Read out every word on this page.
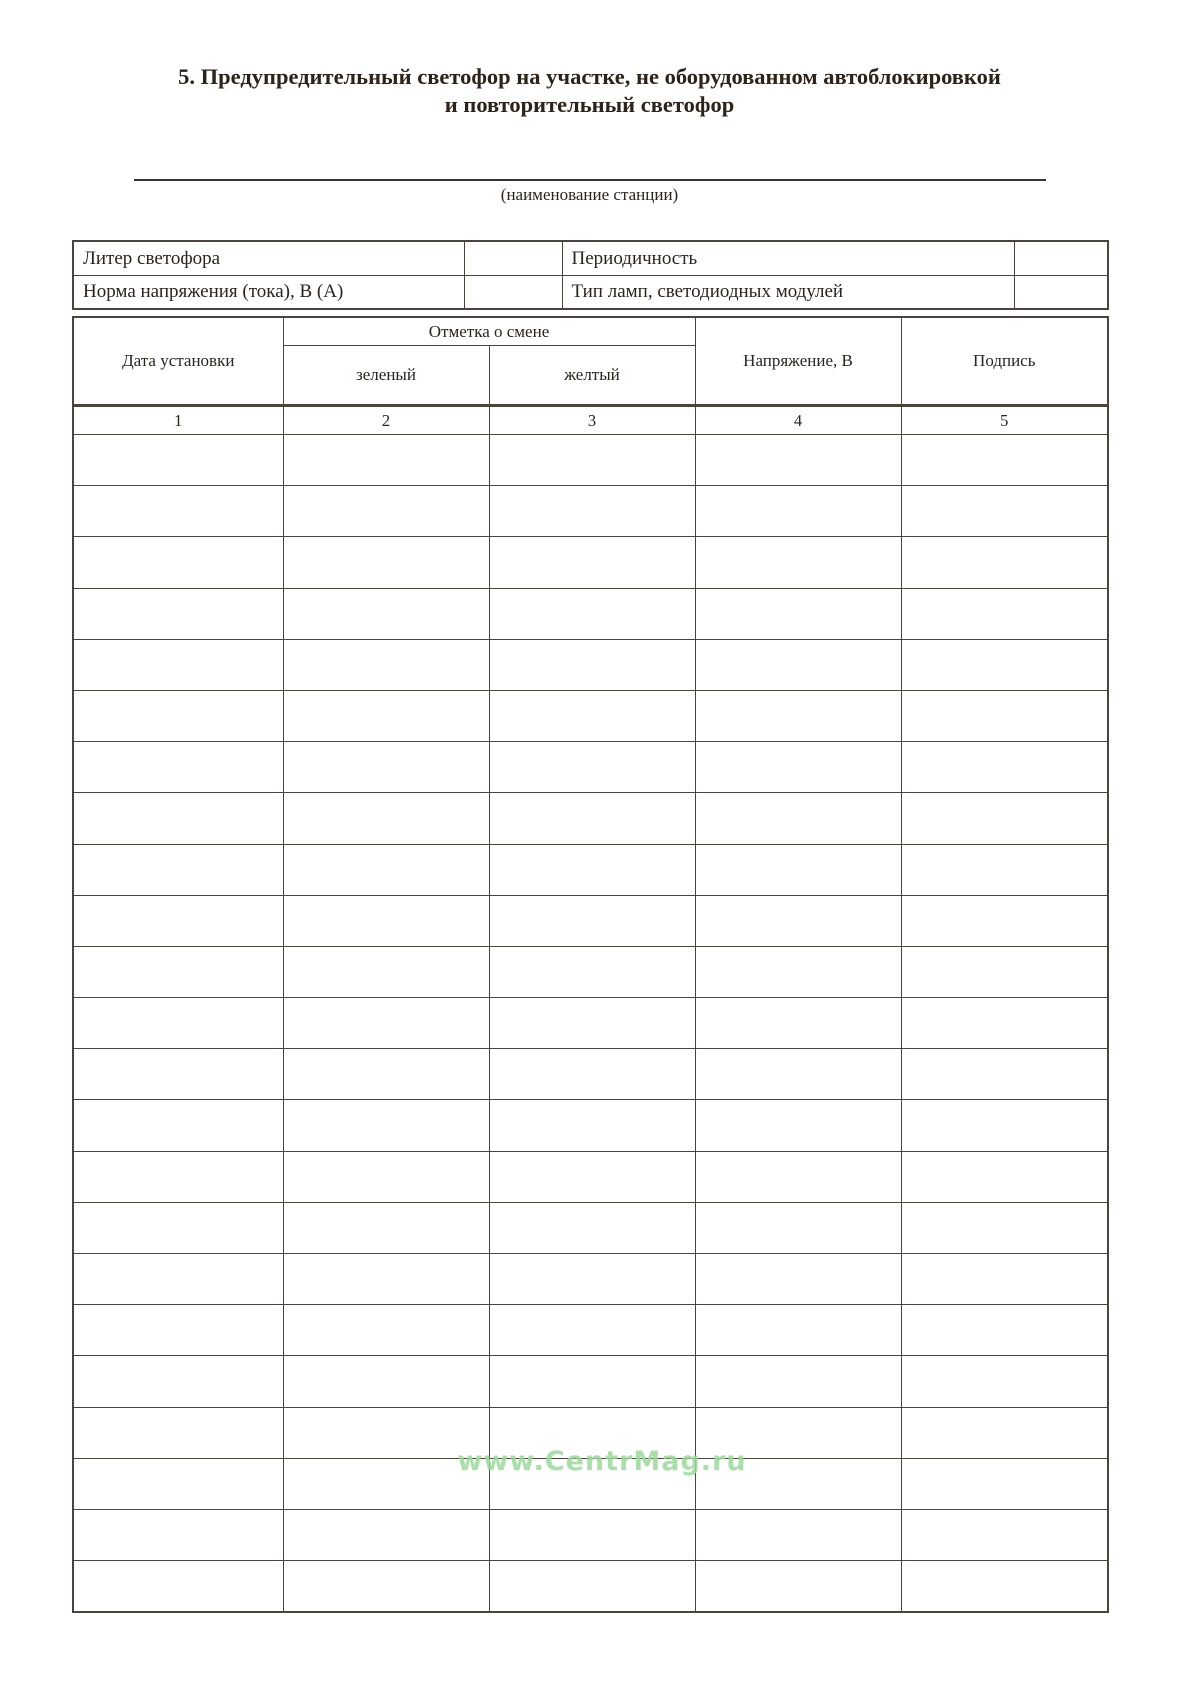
5. Предупредительный светофор на участке, не оборудованном автоблокировкой
и повторительный светофор
(наименование станции)
Литер светофора		Периодичность	
Норма напряжения (тока), В (А)		Тип ламп, светодиодных модулей	
Дата установки	Отметка о смене		Напряжение, В	Подпись
	зеленый	желтый		
1	2	3	4	5

www.CentrMag.ru
